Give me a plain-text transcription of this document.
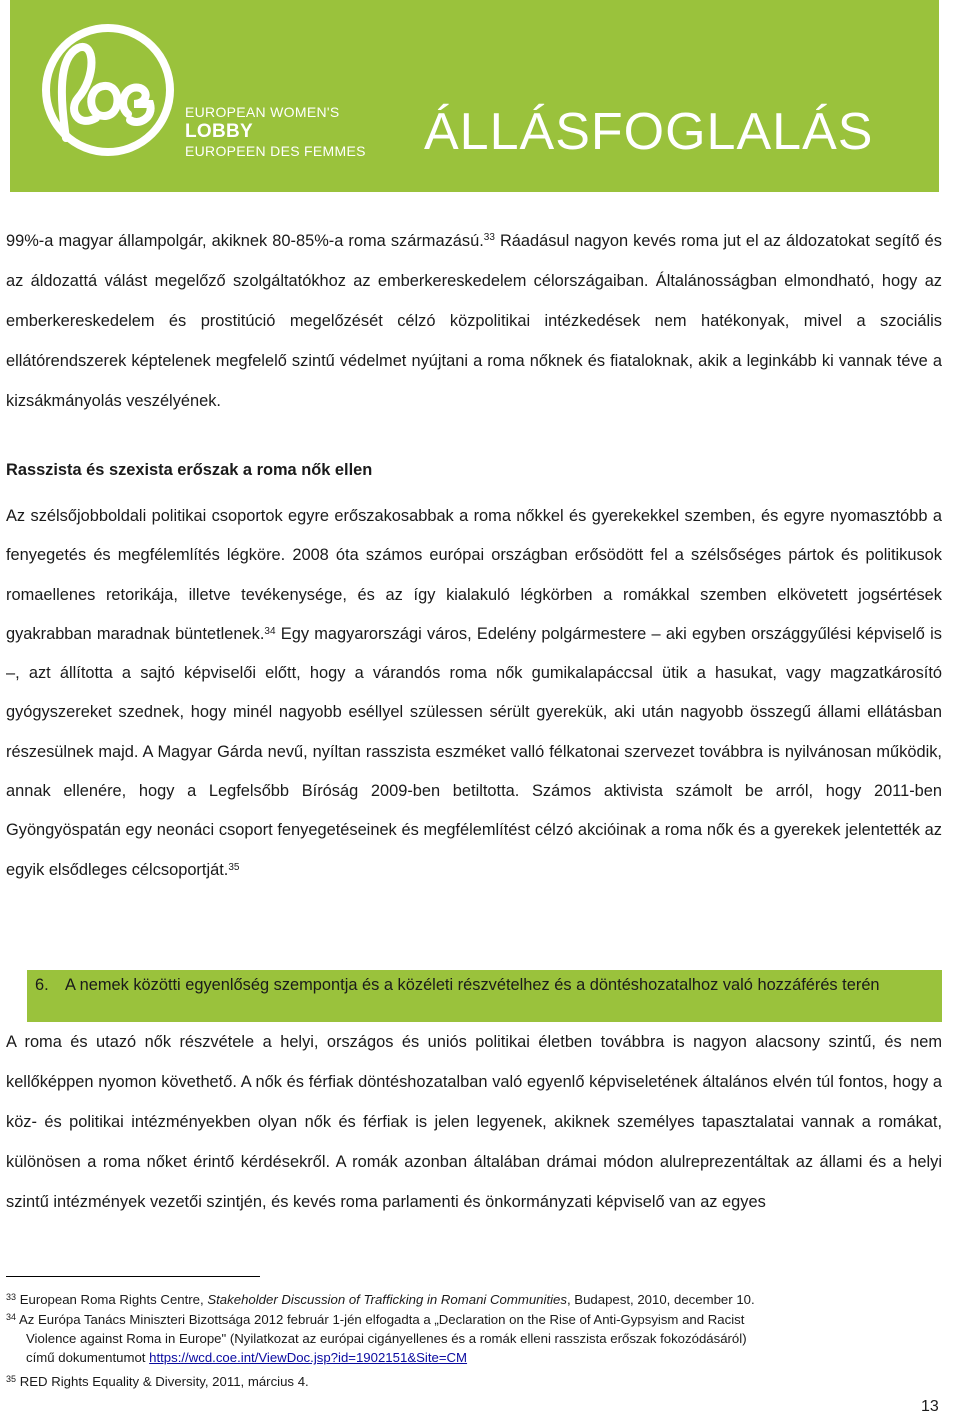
EUROPEAN WOMEN'S
LOBBY
EUROPEEN DES FEMMES ÁLLÁSFOGLALÁS

99%-a magyar állampolgár, akiknek 80-85%-a roma származású.$^{33}$ Ráadásul nagyon kevés roma jut el az áldozatokat segítő és az áldozattá válást megelőző szolgáltatókhoz az emberkereskedelem célországaiban. Általánosságban elmondható, hogy az emberkereskedelem és prostitúció megelőzését célzó közpolitikai intézkedések nem hatékonyak, mivel a szociális ellátórendszerek képtelenek megfelelő szintű védelmet nyújtani a roma nőknek és fiataloknak, akik a leginkább ki vannak téve a kizsákmányolás veszélyének.

Rasszista és szexista erőszak a roma nők ellen

Az szélsőjobboldali politikai csoportok egyre erőszakosabbak a roma nőkkel és gyerekekkel szemben, és egyre nyomasztóbb a fenyegetés és megfélemlítés légköre. 2008 óta számos európai országban erősödött fel a szélsőséges pártok és politikusok romaellenes retorikája, illetve tevékenysége, és az így kialakuló légkörben a romákkal szemben elkövetett jogsértések gyakrabban maradnak büntetlenek.$^{34}$ Egy magyarországi város, Edelény polgármestere – aki egyben országgyűlési képviselő is –, azt állította a sajtó képviselői előtt, hogy a várandós roma nők gumikalapáccsal ütik a hasukat, vagy magzatkárosító gyógyszereket szednek, hogy minél nagyobb eséllyel szülessen sérült gyerekük, aki után nagyobb összegű állami ellátásban részesülnek majd. A Magyar Gárda nevű, nyíltan rasszista eszméket valló félkatonai szervezet továbbra is nyilvánosan működik, annak ellenére, hogy a Legfelsőbb Bíróság 2009-ben betiltotta. Számos aktivista számolt be arról, hogy 2011-ben Gyöngyöspatán egy neonáci csoport fenyegetéseinek és megfélemlítést célzó akcióinak a roma nők és a gyerekek jelentették az egyik elsődleges célcsoportját.$^{35}$

6. A nemek közötti egyenlőség szempontja és a közéleti részvételhez és a döntéshozatalhoz való hozzáférés terén

A roma és utazó nők részvétele a helyi, országos és uniós politikai életben továbbra is nagyon alacsony szintű, és nem kellőképpen nyomon követhető. A nők és férfiak döntéshozatalban való egyenlő képviseletének általános elvén túl fontos, hogy a köz- és politikai intézményekben olyan nők és férfiak is jelen legyenek, akiknek személyes tapasztalatai vannak a romákat, különösen a roma nőket érintő kérdésekről. A romák azonban általában drámai módon alulreprezentáltak az állami és a helyi szintű intézmények vezetői szintjén, és kevés roma parlamenti és önkormányzati képviselő van az egyes

$^{33}$ European Roma Rights Centre, Stakeholder Discussion of Trafficking in Romani Communities, Budapest, 2010, december 10.

$^{34}$ Az Európa Tanács Miniszteri Bizottsága 2012 február 1-jén elfogadta a „Declaration on the Rise of Anti-Gypsyism and Racist
Violence against Roma in Europe" (Nyilatkozat az európai cigányellenes és a romák elleni rasszista erőszak fokozódásáról)
című dokumentumot https://wcd.coe.int/ViewDoc.jsp?id=1902151&Site=CM

$^{35}$ RED Rights Equality & Diversity, 2011, március 4.

13
